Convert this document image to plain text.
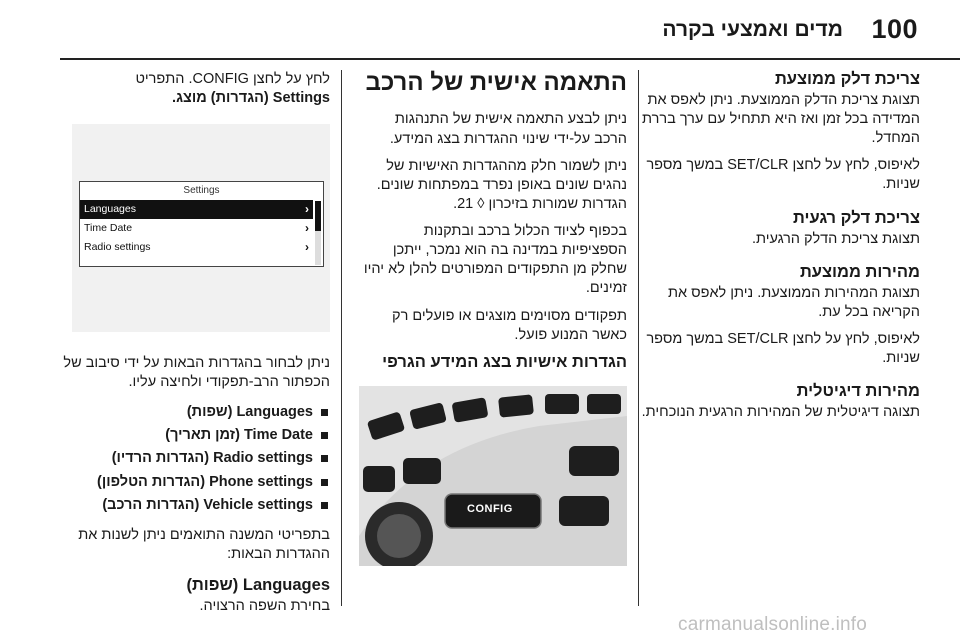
100
מדים ואמצעי בקרה
צריכת דלק ממוצעת

תצוגת צריכת הדלק הממוצעת. ניתן לאפס את המדידה בכל זמן ואז היא תתחיל עם ערך בררת המחדל.

לאיפוס, לחץ על לחצן SET/CLR במשך מספר שניות.

צריכת דלק רגעית

תצוגת צריכת הדלק הרגעית.

מהירות ממוצעת

תצוגת המהירות הממוצעת. ניתן לאפס את הקריאה בכל עת.

לאיפוס, לחץ על לחצן SET/CLR במשך מספר שניות.

מהירות דיגיטלית

תצוגה דיגיטלית של המהירות הרגעית הנוכחית.

התאמה אישית של הרכב

ניתן לבצע התאמה אישית של התנהגות הרכב על-ידי שינוי ההגדרות בצג המידע.

ניתן לשמור חלק מההגדרות האישיות של נהגים שונים באופן נפרד במפתחות שונים. הגדרות שמורות בזיכרון ◊ 21.

בכפוף לציוד הכלול ברכב ובתקנות הספציפיות במדינה בה הוא נמכר, ייתכן שחלק מן התפקודים המפורטים להלן לא יהיו זמינים.

תפקודים מסוימים מוצגים או פועלים רק כאשר המנוע פועל.

הגדרות אישיות בצג המידע הגרפי
CONFIG

לחץ על לחצן CONFIG. התפריט

Settings (הגדרות) מוצג.

Settings
Languages	›
Time Date	›
Radio settings	›

ניתן לבחור בהגדרות הבאות על ידי סיבוב של הכפתור הרב-תפקודי ולחיצה עליו.

Languages (שפות)
Time Date (זמן תאריך)
Radio settings (הגדרות הרדיו)
Phone settings (הגדרות הטלפון)
Vehicle settings (הגדרות הרכב)

בתפריטי המשנה התואמים ניתן לשנות את ההגדרות הבאות:

Languages (שפות)

בחירת השפה הרצויה.

carmanualsonline.info
